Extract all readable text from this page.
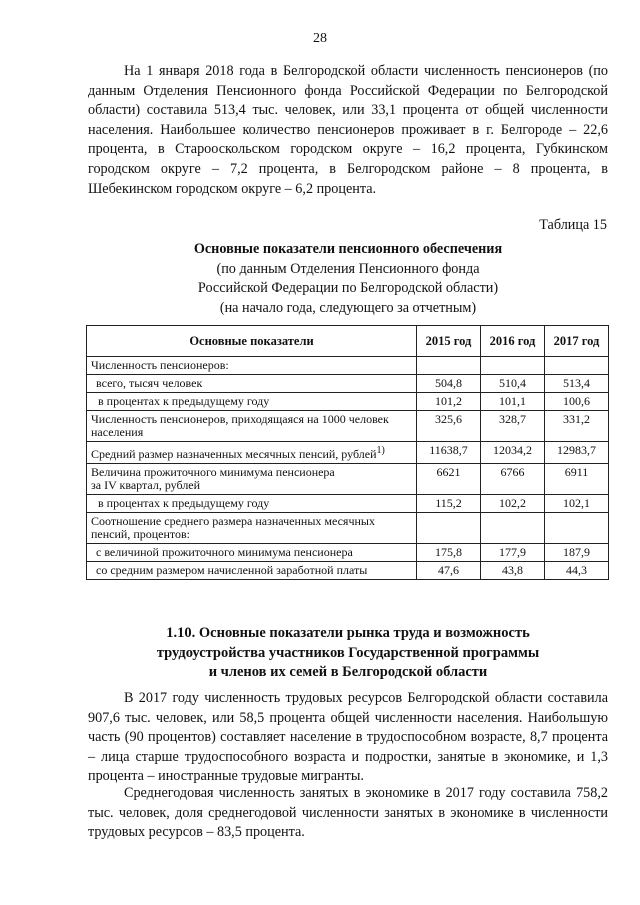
28

На 1 января 2018 года в Белгородской области численность пенсионеров (по данным Отделения Пенсионного фонда Российской Федерации по Белгородской области) составила 513,4 тыс. человек, или 33,1 процента от общей численности населения. Наибольшее количество пенсионеров проживает в г. Белгороде – 22,6 процента, в Старооскольском городском округе – 16,2 процента, Губкинском городском округе – 7,2 процента, в Белгородском районе – 8 процента, в Шебекинском городском округе – 6,2 процента.

Таблица 15
Основные показатели пенсионного обеспечения
(по данным Отделения Пенсионного фонда
Российской Федерации по Белгородской области)
(на начало года, следующего за отчетным)
Основные показатели	2015 год	2016 год	2017 год
Численность пенсионеров:			
всего, тысяч человек	504,8	510,4	513,4
в процентах к предыдущему году	101,2	101,1	100,6
Численность пенсионеров, приходящаяся на 1000 человек населения	325,6	328,7	331,2
Средний размер назначенных месячных пенсий, рублей$^{1)}$	11638,7	12034,2	12983,7

Величина прожиточного минимума пенсионера
за IV квартал, рублей	6621	6766	6911
в процентах к предыдущему году	115,2	102,2	102,1
Соотношение среднего размера назначенных месячных пенсий, процентов:			
с величиной прожиточного минимума пенсионера	175,8	177,9	187,9
со средним размером начисленной заработной платы	47,6	43,8	44,3
1.10. Основные показатели рынка труда и возможность
трудоустройства участников Государственной программы
и членов их семей в Белгородской области

В 2017 году численность трудовых ресурсов Белгородской области составила 907,6 тыс. человек, или 58,5 процента общей численности населения. Наибольшую часть (90 процентов) составляет население в трудоспособном возрасте, 8,7 процента – лица старше трудоспособного возраста и подростки, занятые в экономике, и 1,3 процента – иностранные трудовые мигранты.

Среднегодовая численность занятых в экономике в 2017 году составила 758,2 тыс. человек, доля среднегодовой численности занятых в экономике в численности трудовых ресурсов – 83,5 процента.
